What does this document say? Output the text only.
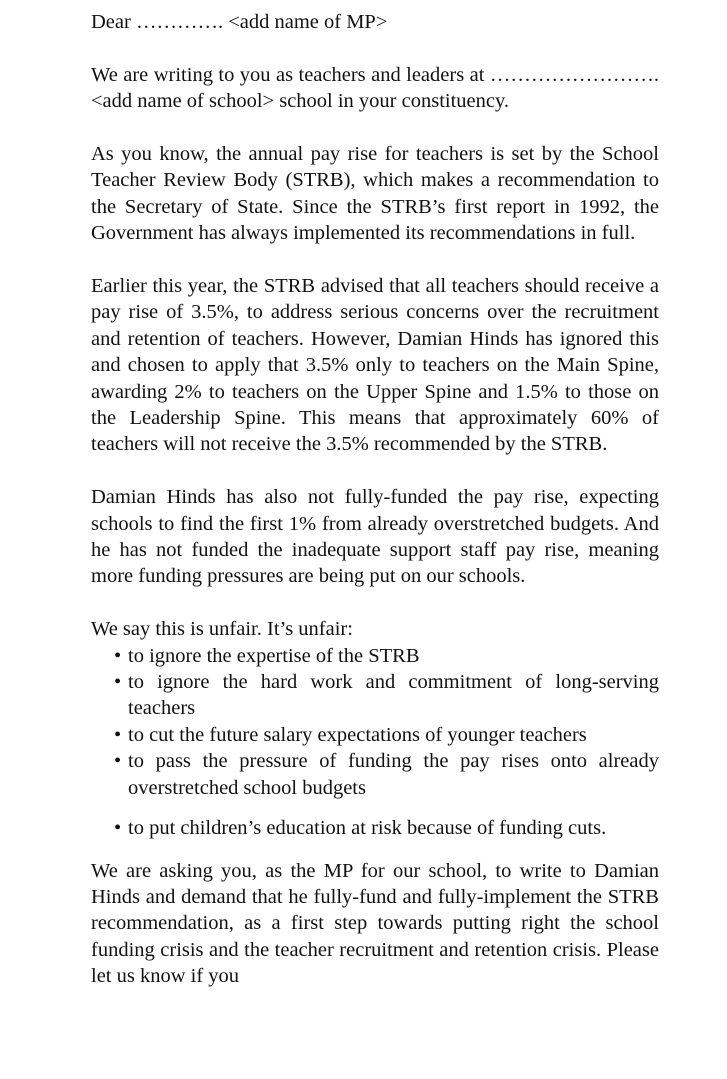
Dear …………. <add name of MP>

We are writing to you as teachers and leaders at ……………………. <add name of school> school in your constituency.

As you know, the annual pay rise for teachers is set by the School Teacher Review Body (STRB), which makes a recommendation to the Secretary of State. Since the STRB’s first report in 1992, the Government has always implemented its recommendations in full.

Earlier this year, the STRB advised that all teachers should receive a pay rise of 3.5%, to address serious concerns over the recruitment and retention of teachers. However, Damian Hinds has ignored this and chosen to apply that 3.5% only to teachers on the Main Spine, awarding 2% to teachers on the Upper Spine and 1.5% to those on the Leadership Spine. This means that approximately 60% of teachers will not receive the 3.5% recommended by the STRB.

Damian Hinds has also not fully-funded the pay rise, expecting schools to find the first 1% from already overstretched budgets. And he has not funded the inadequate support staff pay rise, meaning more funding pressures are being put on our schools.

We say this is unfair. It’s unfair:

• to ignore the expertise of the STRB
• to ignore the hard work and commitment of long-serving teachers
• to cut the future salary expectations of younger teachers
• to pass the pressure of funding the pay rises onto already overstretched school budgets
• to put children’s education at risk because of funding cuts.

We are asking you, as the MP for our school, to write to Damian Hinds and demand that he fully-fund and fully-implement the STRB recommendation, as a first step towards putting right the school funding crisis and the teacher recruitment and retention crisis. Please let us know if you
